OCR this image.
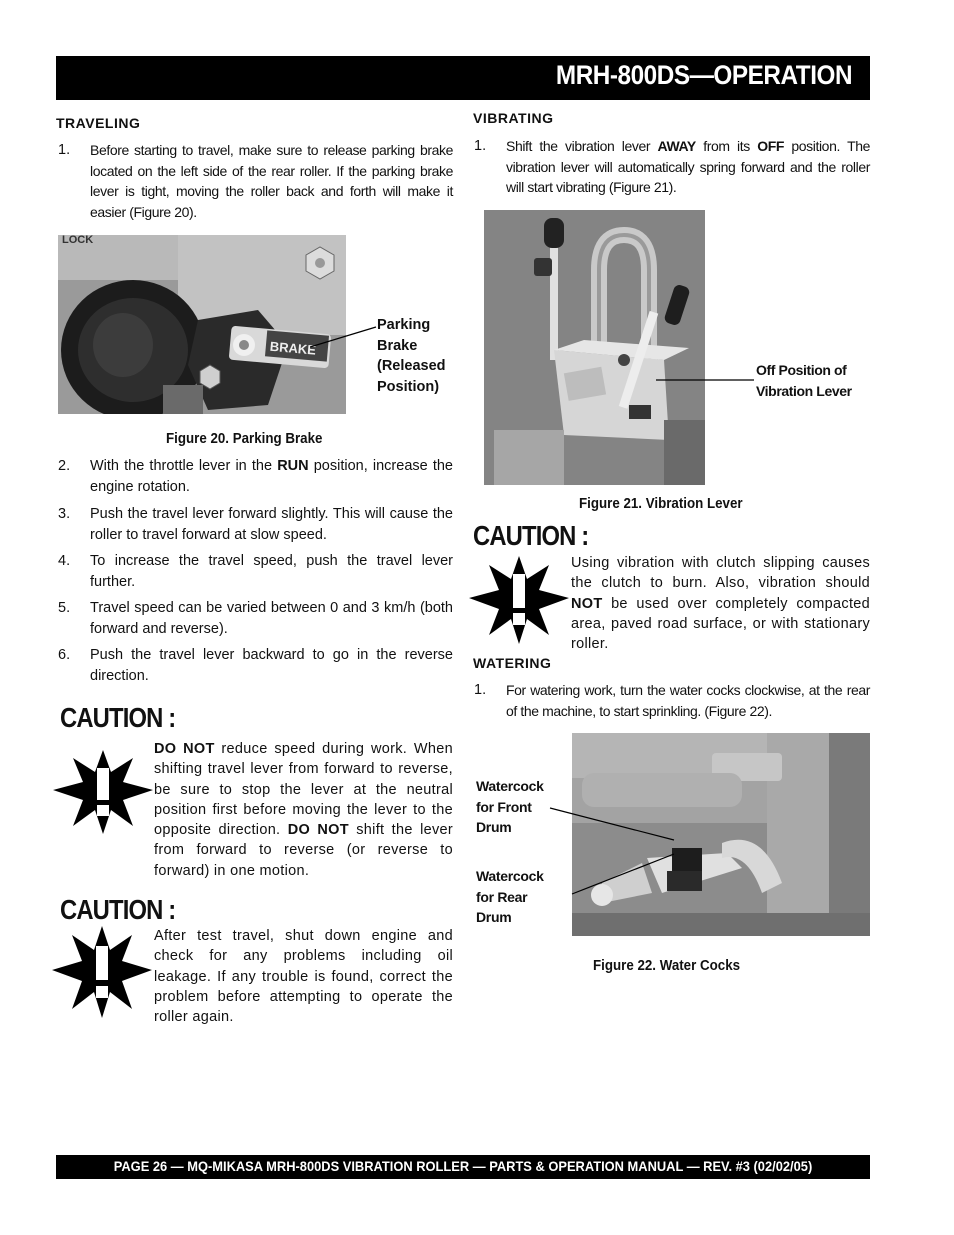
MRH-800DS—OPERATION
TRAVELING
1. Before starting to travel, make sure to release parking brake located on the left side of the rear roller. If the parking brake lever is tight, moving the roller back and forth will make it easier (Figure 20).
LOCK
BRAKE
Parking
Brake
(Released
Position)
Figure 20. Parking Brake
2. With the throttle lever in the RUN position, increase the engine rotation.
3. Push the travel lever forward slightly. This will cause the roller to travel forward at slow speed.
4. To increase the travel speed, push the travel lever further.
5. Travel speed can be varied between 0 and 3 km/h (both forward and reverse).
6. Push the travel lever backward to go in the reverse direction.
CAUTION :
DO NOT reduce speed during work. When shifting travel lever from forward to reverse, be sure to stop the lever at the neutral position first before moving the lever to the opposite direction. DO NOT shift the lever from forward to reverse (or reverse to forward) in one motion.
CAUTION :
After test travel, shut down engine and check for any problems including oil leakage. If any trouble is found, correct the problem before attempting to operate the roller again.
VIBRATING
1. Shift the vibration lever AWAY from its OFF position. The vibration lever will automatically spring forward and the roller will start vibrating (Figure 21).
Off Position of
Vibration Lever
Figure 21. Vibration Lever
CAUTION :
Using vibration with clutch slipping causes the clutch to burn. Also, vibration should NOT be used over completely compacted area, paved road surface, or with stationary roller.
WATERING
1. For watering work, turn the water cocks clockwise, at the rear of the machine, to start sprinkling. (Figure 22).
Watercock
for Front
Drum
Watercock
for Rear
Drum
Figure 22. Water Cocks
PAGE 26 — MQ-MIKASA MRH-800DS VIBRATION ROLLER — PARTS & OPERATION MANUAL — REV. #3 (02/02/05)
